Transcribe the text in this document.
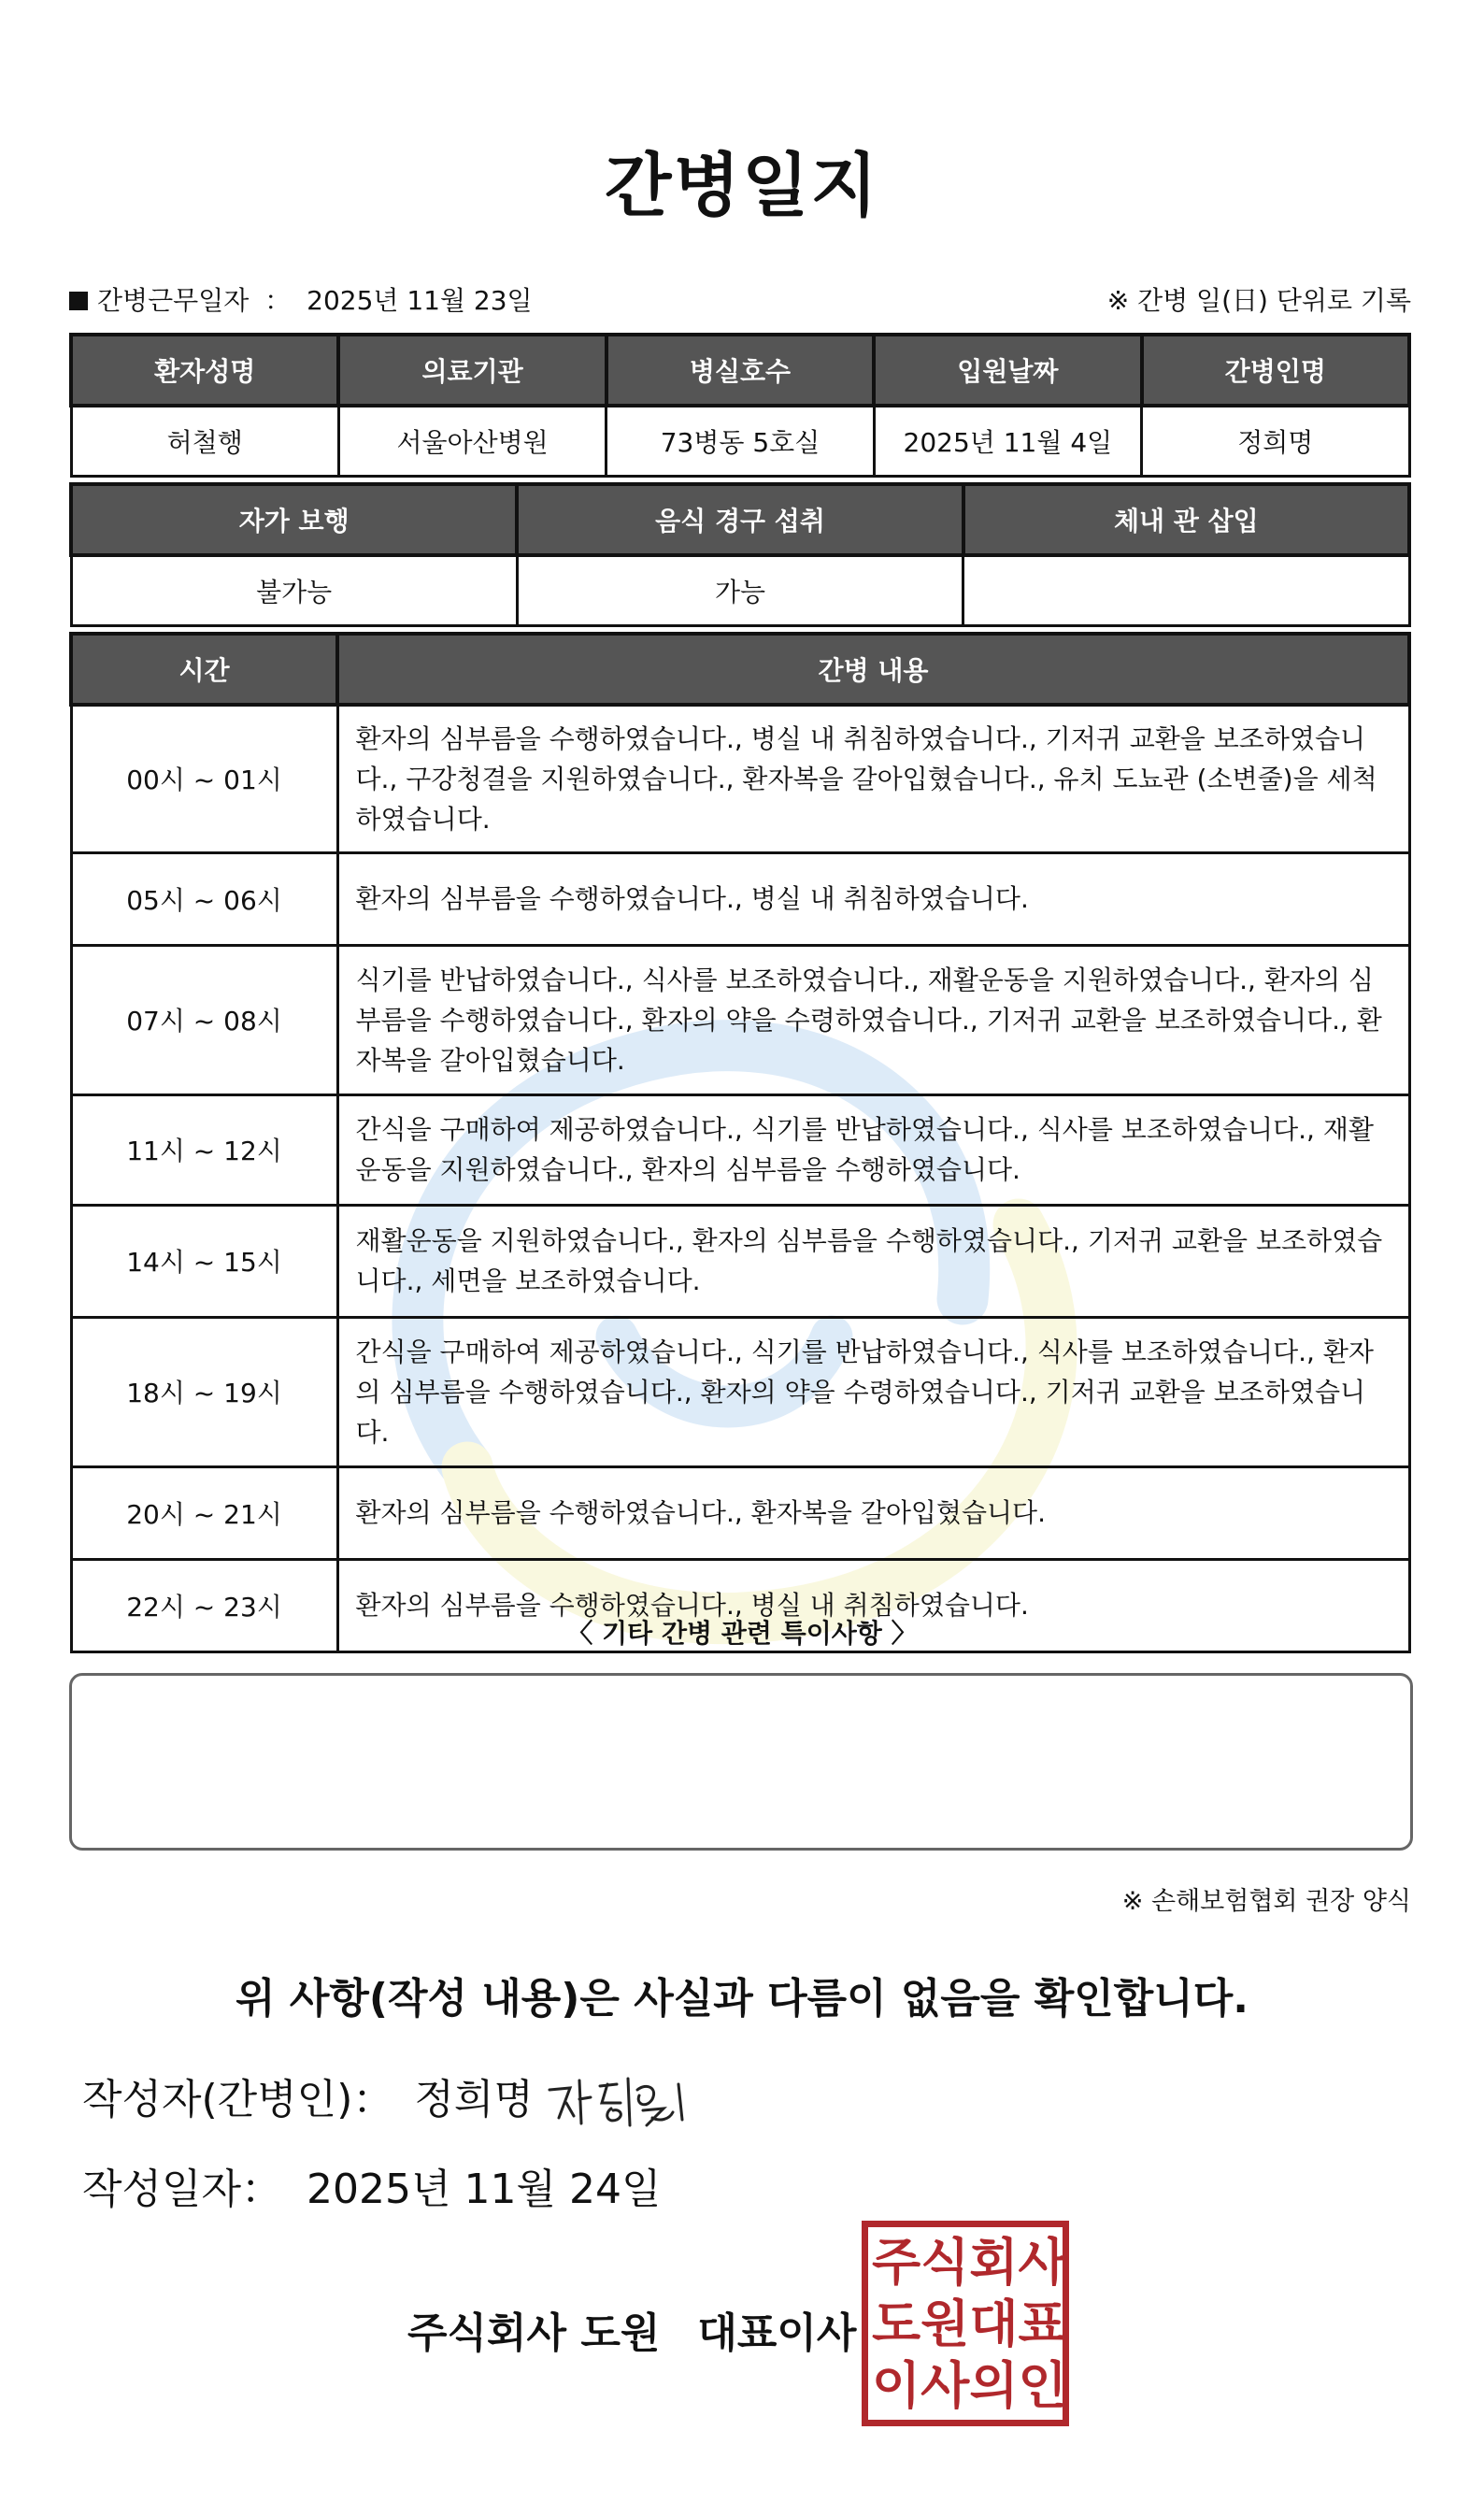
간병일지
간병근무일자 ： 2025년 11월 23일	※ 간병 일(日) 단위로 기록
환자성명	의료기관	병실호수	입원날짜	간병인명
허철행	서울아산병원	73병동 5호실	2025년 11월 4일	정희명
자가 보행	음식 경구 섭취	체내 관 삽입
불가능	가능	
시간	간병 내용
00시 ~ 01시	환자의 심부름을 수행하였습니다., 병실 내 취침하였습니다., 기저귀 교환을 보조하였습니다., 구강청결을 지원하였습니다., 환자복을 갈아입혔습니다., 유치 도뇨관 (소변줄)을 세척하였습니다.
05시 ~ 06시	환자의 심부름을 수행하였습니다., 병실 내 취침하였습니다.
07시 ~ 08시	식기를 반납하였습니다., 식사를 보조하였습니다., 재활운동을 지원하였습니다., 환자의 심부름을 수행하였습니다., 환자의 약을 수령하였습니다., 기저귀 교환을 보조하였습니다., 환자복을 갈아입혔습니다.
11시 ~ 12시	간식을 구매하여 제공하였습니다., 식기를 반납하였습니다., 식사를 보조하였습니다., 재활운동을 지원하였습니다., 환자의 심부름을 수행하였습니다.
14시 ~ 15시	재활운동을 지원하였습니다., 환자의 심부름을 수행하였습니다., 기저귀 교환을 보조하였습니다., 세면을 보조하였습니다.
18시 ~ 19시	간식을 구매하여 제공하였습니다., 식기를 반납하였습니다., 식사를 보조하였습니다., 환자의 심부름을 수행하였습니다., 환자의 약을 수령하였습니다., 기저귀 교환을 보조하였습니다.
20시 ~ 21시	환자의 심부름을 수행하였습니다., 환자복을 갈아입혔습니다.
22시 ~ 23시	환자의 심부름을 수행하였습니다., 병실 내 취침하였습니다.
〈 기타 간병 관련 특이사항 〉
※ 손해보험협회 권장 양식
위 사항(작성 내용)은 사실과 다름이 없음을 확인합니다.
작성자(간병인)： 정희명
작성일자： 2025년 11월 24일
주식회사 도원 대표이사
주 식 회 사
도 원 대 표
이 사 의 인
